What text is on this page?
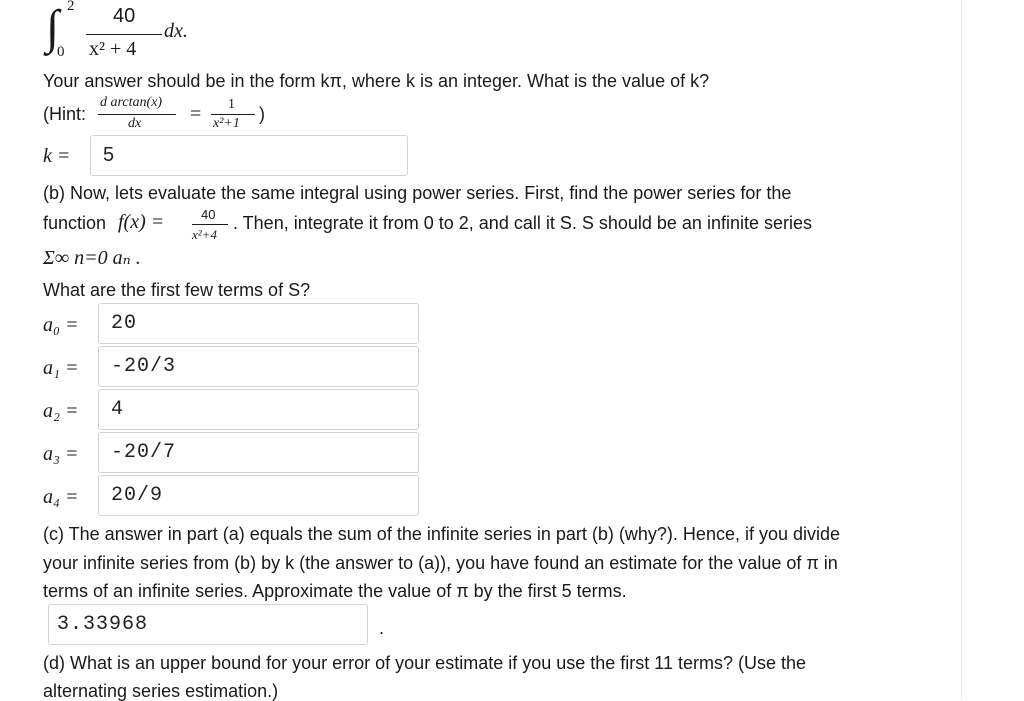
∫ 2
0
40
x² + 4
dx.
Your answer should be in the form kπ, where k is an integer. What is the value of k?
(Hint:
d arctan(x)
dx = 1
x²+1 )
k = 5
(b) Now, lets evaluate the same integral using power series. First, find the power series for the
function f(x) =	40
x²+4
. Then, integrate it from 0 to 2, and call it S. S should be an infinite series
Σ∞ n=0 aₙ .
What are the first few terms of S?
a₀ = 20
a₁ = -20/3
a₂ = 4
a₃ = -20/7
a₄ = 20/9
(c) The answer in part (a) equals the sum of the infinite series in part (b) (why?). Hence, if you divide
your infinite series from (b) by k (the answer to (a)), you have found an estimate for the value of π in
terms of an infinite series. Approximate the value of π by the first 5 terms.
3.33968	.
(d) What is an upper bound for your error of your estimate if you use the first 11 terms? (Use the
alternating series estimation.)
